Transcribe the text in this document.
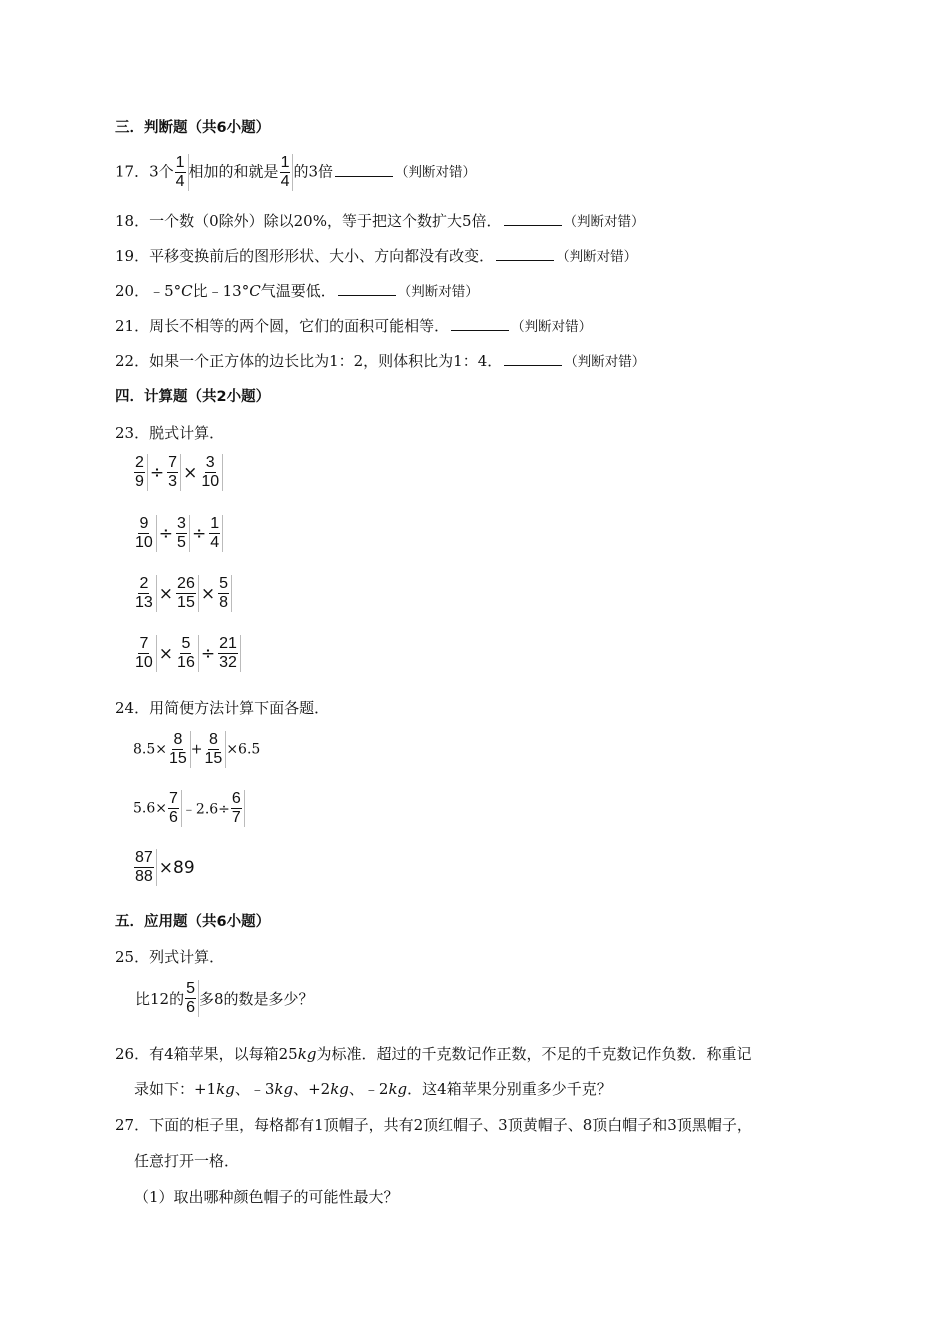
三．判断题（共6小题）
17．3个 $\frac{1}{4}$ 相加的和就是 $\frac{1}{4}$ 的3倍	（判断对错）
18．一个数（0除外）除以20%，等于把这个数扩大5倍．	（判断对错）
19．平移变换前后的图形形状、大小、方向都没有改变．	（判断对错）
20．﹣5°C比﹣13°C气温要低．	（判断对错）
21．周长不相等的两个圆，它们的面积可能相等．	（判断对错）
22．如果一个正方体的边长比为1：2，则体积比为1：4．	（判断对错）
四．计算题（共2小题）
23．脱式计算．
$\frac{2}{9} \div \frac{7}{3} \times \frac{3}{10}$
$\frac{9}{10} \div \frac{3}{5} \div \frac{1}{4}$
$\frac{2}{13} \times \frac{26}{15} \times \frac{5}{8}$
$\frac{7}{10} \times \frac{5}{16} \div \frac{21}{32}$
24．用简便方法计算下面各题．
$8.5\times \frac{8}{15} + \frac{8}{15} \times 6.5$
$5.6\times \frac{7}{6}$ ﹣2.6÷ $\frac{6}{7}$
$\frac{87}{88} \times 89$
五．应用题（共6小题）
25．列式计算．
比12的 $\frac{5}{6}$ 多8的数是多少？
26．有4箱苹果，以每箱25kg为标准．超过的千克数记作正数，不足的千克数记作负数．称重记
录如下：+1kg、﹣3kg、+2kg、﹣2kg．这4箱苹果分别重多少千克？
27．下面的柜子里，每格都有1顶帽子，共有2顶红帽子、3顶黄帽子、8顶白帽子和3顶黑帽子，
任意打开一格．
（1）取出哪种颜色帽子的可能性最大？
